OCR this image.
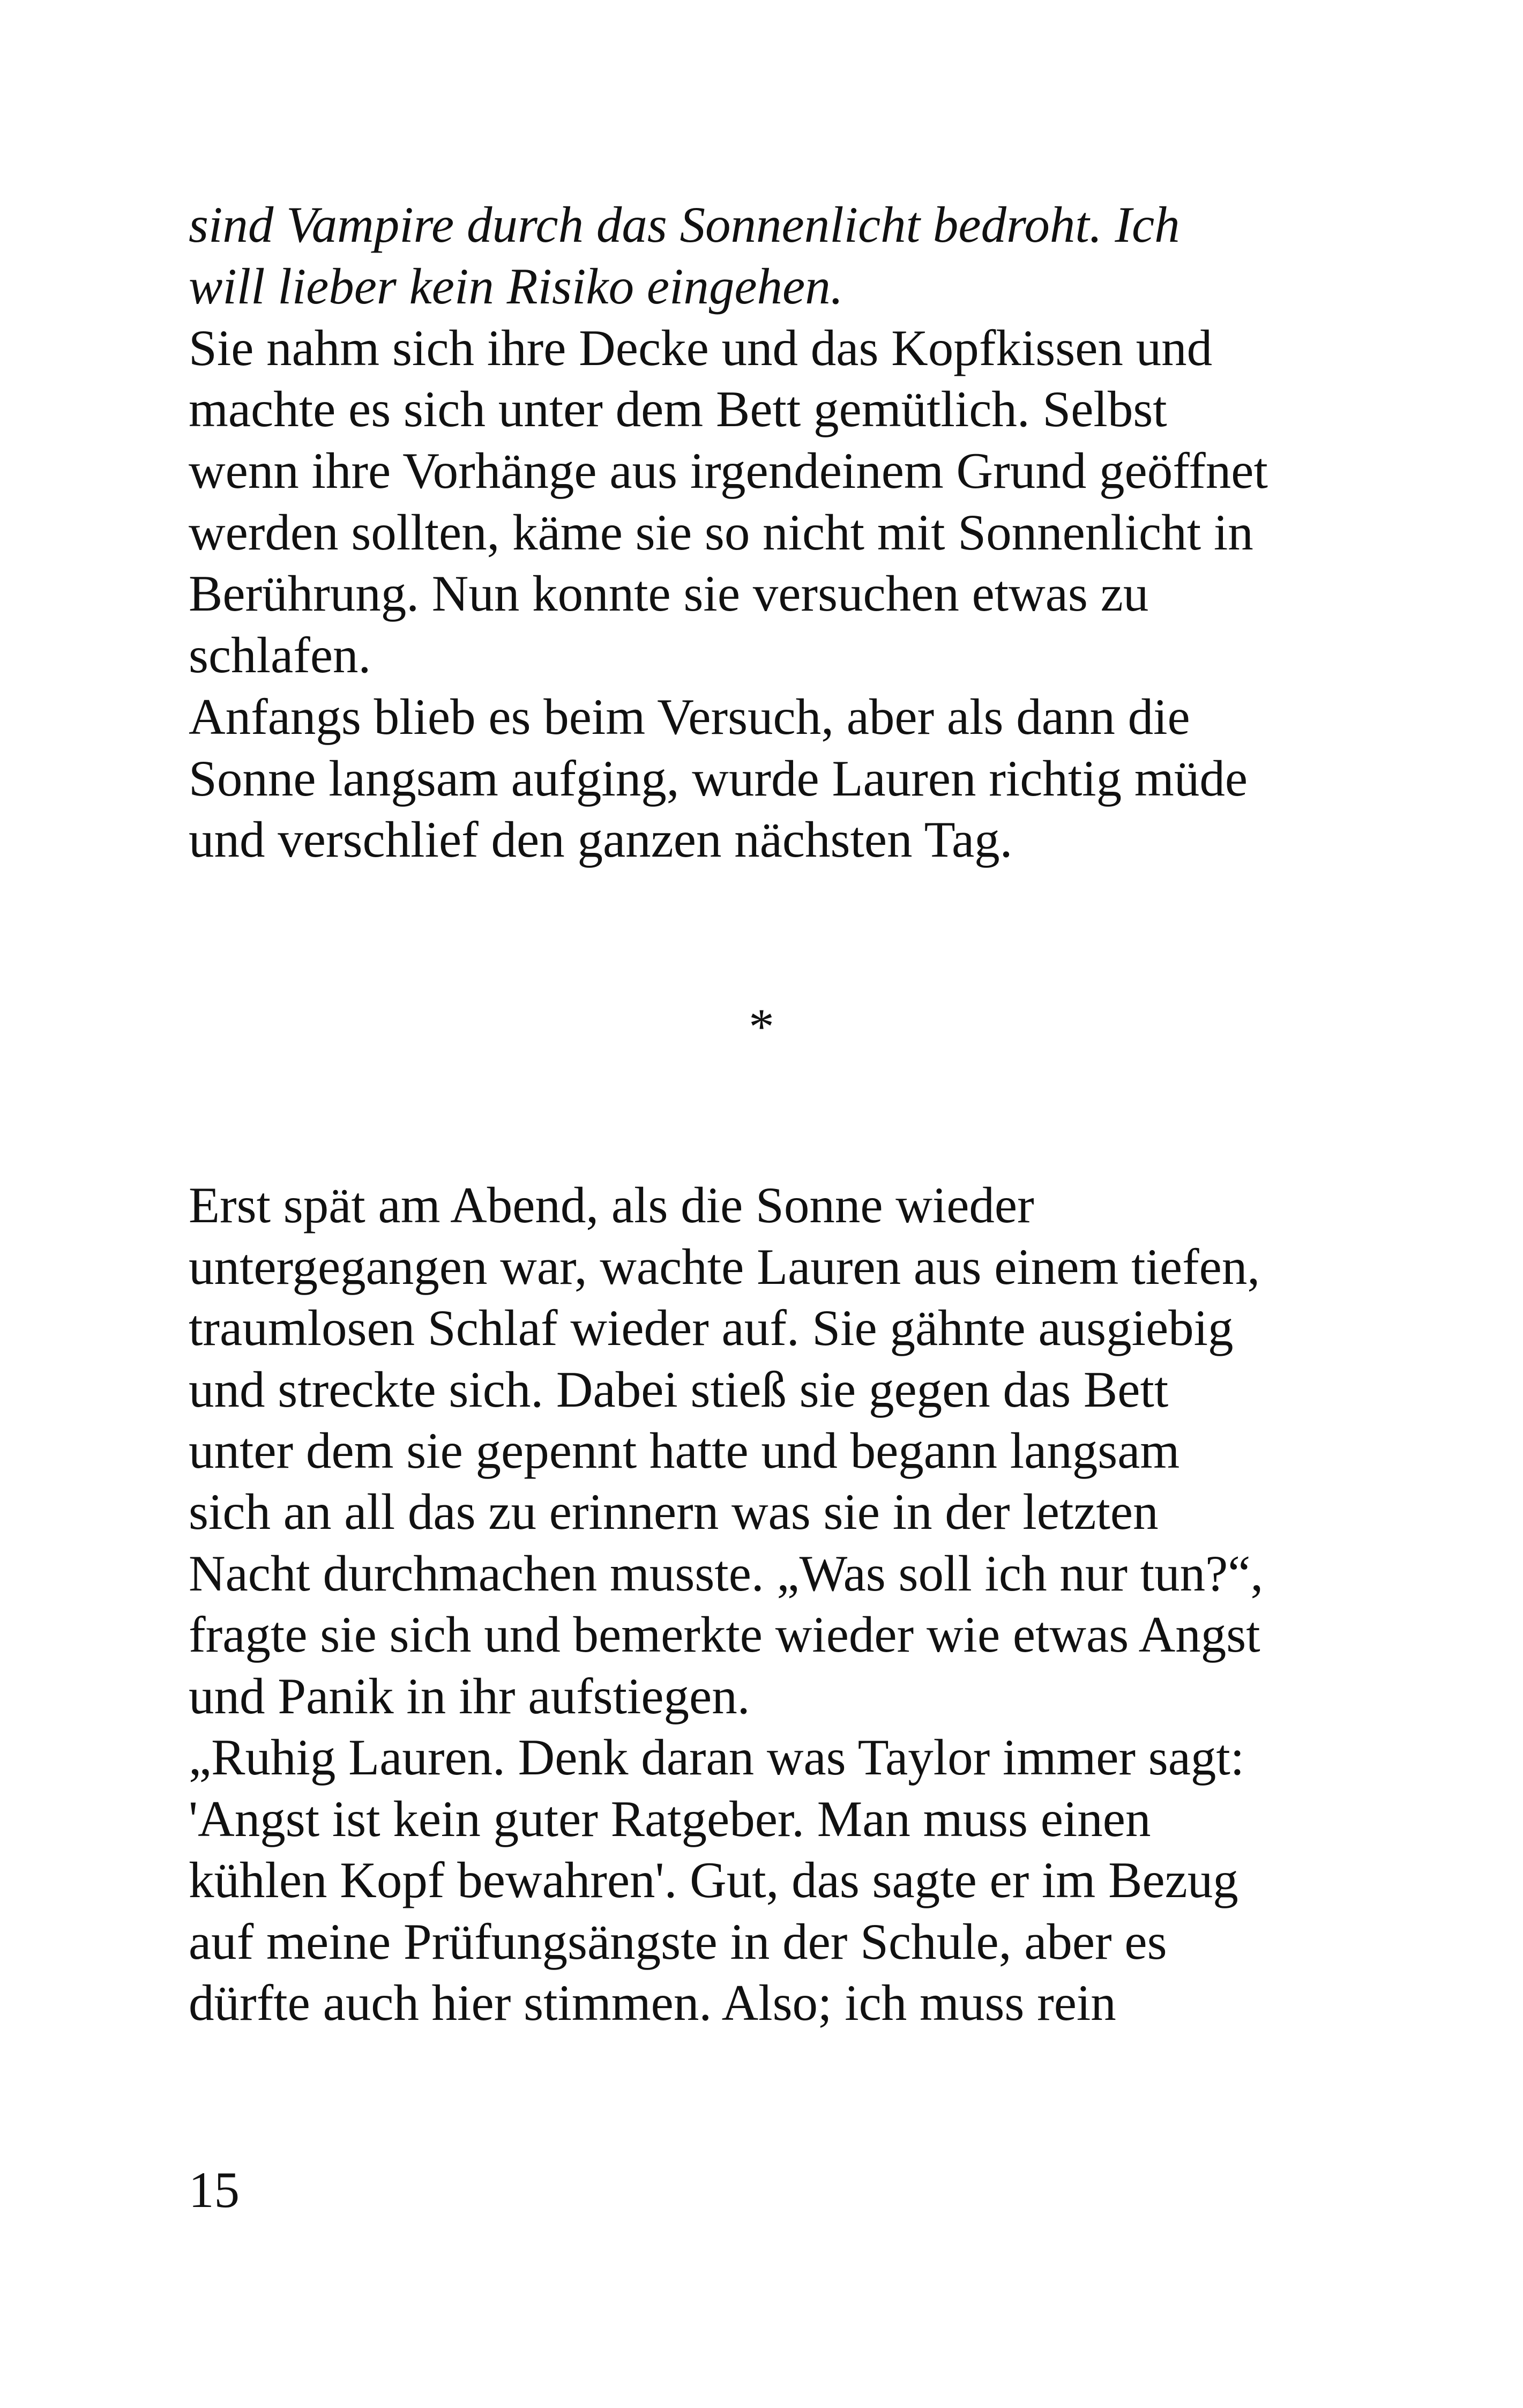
sind Vampire durch das Sonnenlicht bedroht. Ich
will lieber kein Risiko eingehen.
Sie nahm sich ihre Decke und das Kopfkissen und
machte es sich unter dem Bett gemütlich. Selbst
wenn ihre Vorhänge aus irgendeinem Grund geöffnet
werden sollten, käme sie so nicht mit Sonnenlicht in
Berührung. Nun konnte sie versuchen etwas zu
schlafen.
Anfangs blieb es beim Versuch, aber als dann die
Sonne langsam aufging, wurde Lauren richtig müde
und verschlief den ganzen nächsten Tag.
*
Erst spät am Abend, als die Sonne wieder
untergegangen war, wachte Lauren aus einem tiefen,
traumlosen Schlaf wieder auf. Sie gähnte ausgiebig
und streckte sich. Dabei stieß sie gegen das Bett
unter dem sie gepennt hatte und begann langsam
sich an all das zu erinnern was sie in der letzten
Nacht durchmachen musste. „Was soll ich nur tun?“,
fragte sie sich und bemerkte wieder wie etwas Angst
und Panik in ihr aufstiegen.
„Ruhig Lauren. Denk daran was Taylor immer sagt:
'Angst ist kein guter Ratgeber. Man muss einen
kühlen Kopf bewahren'. Gut, das sagte er im Bezug
auf meine Prüfungsängste in der Schule, aber es
dürfte auch hier stimmen. Also; ich muss rein
15
